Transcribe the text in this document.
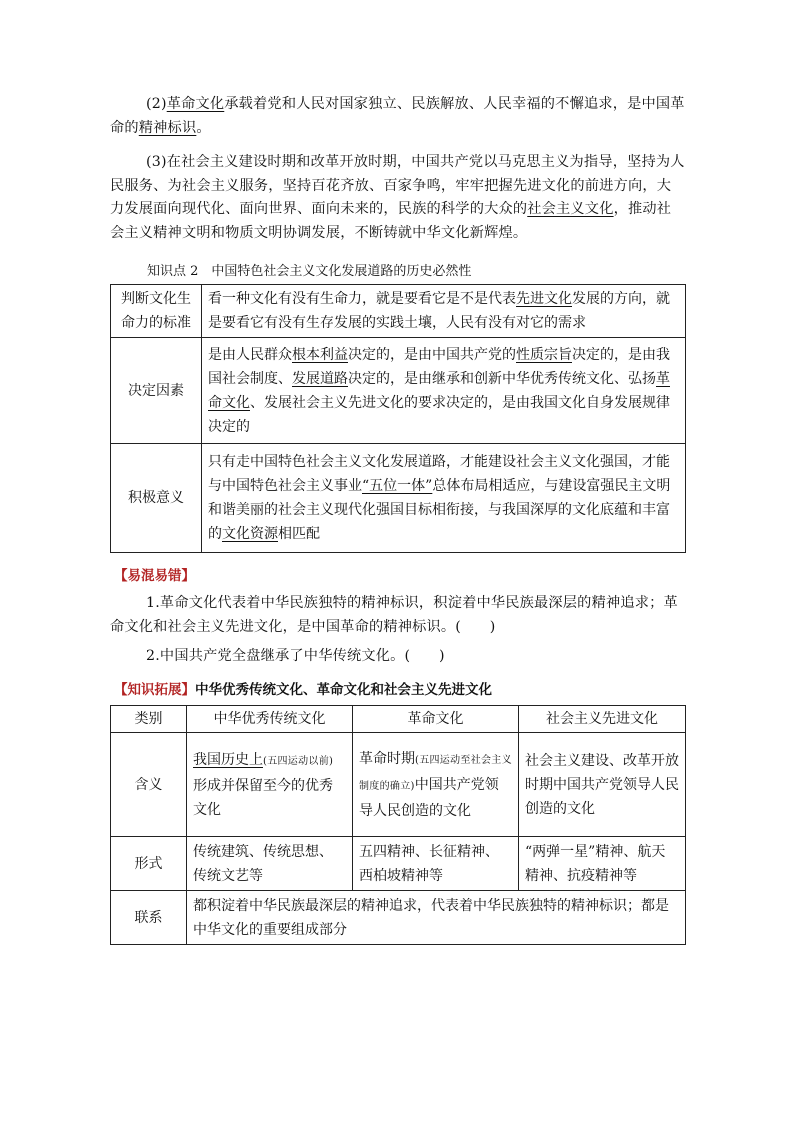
(2)革命文化承载着党和人民对国家独立、民族解放、人民幸福的不懈追求，是中国革命的精神标识。
(3)在社会主义建设时期和改革开放时期，中国共产党以马克思主义为指导，坚持为人民服务、为社会主义服务，坚持百花齐放、百家争鸣，牢牢把握先进文化的前进方向，大力发展面向现代化、面向世界、面向未来的，民族的科学的大众的社会主义文化，推动社会主义精神文明和物质文明协调发展，不断铸就中华文化新辉煌。
知识点 2　中国特色社会主义文化发展道路的历史必然性
判断文化生命力的标准	看一种文化有没有生命力，就是要看它是不是代表先进文化发展的方向，就是要看它有没有生存发展的实践土壤，人民有没有对它的需求
决定因素	是由人民群众根本利益决定的，是由中国共产党的性质宗旨决定的，是由我国社会制度、发展道路决定的，是由继承和创新中华优秀传统文化、弘扬革命文化、发展社会主义先进文化的要求决定的，是由我国文化自身发展规律决定的
积极意义	只有走中国特色社会主义文化发展道路，才能建设社会主义文化强国，才能与中国特色社会主义事业“五位一体”总体布局相适应，与建设富强民主文明和谐美丽的社会主义现代化强国目标相衔接，与我国深厚的文化底蕴和丰富的文化资源相匹配
【易混易错】
1.革命文化代表着中华民族独特的精神标识，积淀着中华民族最深层的精神追求；革命文化和社会主义先进文化，是中国革命的精神标识。(　　)
2.中国共产党全盘继承了中华传统文化。(　　)
【知识拓展】中华优秀传统文化、革命文化和社会主义先进文化
类别	中华优秀传统文化	革命文化	社会主义先进文化
含义	我国历史上(五四运动以前)形成并保留至今的优秀文化	革命时期(五四运动至社会主义制度的确立)中国共产党领导人民创造的文化	社会主义建设、改革开放时期中国共产党领导人民创造的文化
形式	传统建筑、传统思想、传统文艺等	五四精神、长征精神、西柏坡精神等	“两弹一星”精神、航天精神、抗疫精神等
联系	都积淀着中华民族最深层的精神追求，代表着中华民族独特的精神标识；都是中华文化的重要组成部分		
